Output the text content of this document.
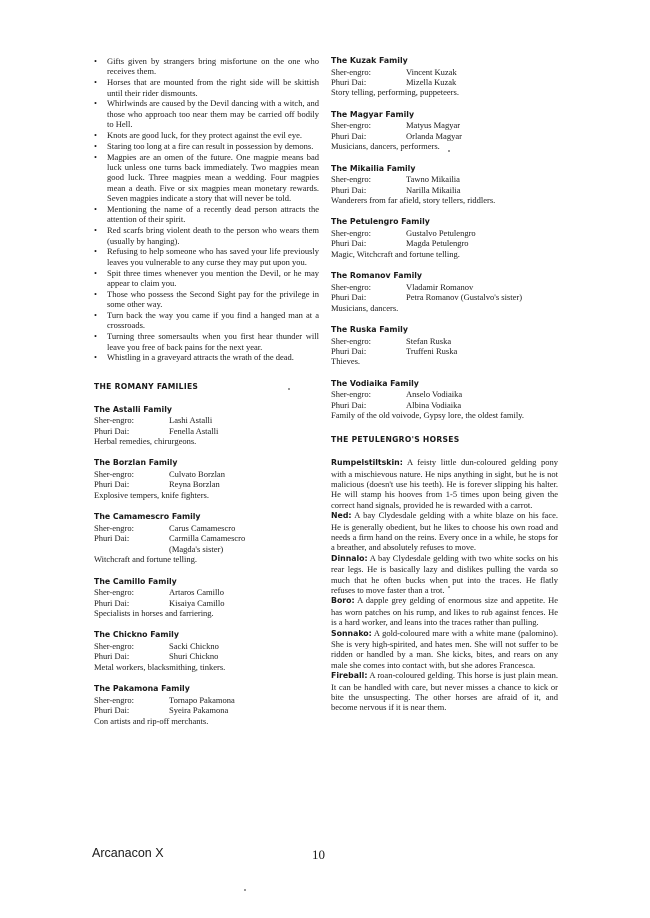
• Gifts given by strangers bring misfortune on the one who receives them.
• Horses that are mounted from the right side will be skittish until their rider dismounts.
• Whirlwinds are caused by the Devil dancing with a witch, and those who approach too near them may be carried off bodily to Hell.
• Knots are good luck, for they protect against the evil eye.
• Staring too long at a fire can result in possession by demons.
• Magpies are an omen of the future. One magpie means bad luck unless one turns back immediately. Two magpies mean good luck. Three magpies mean a wedding. Four magpies mean a death. Five or six magpies mean monetary rewards. Seven magpies indicate a story that will never be told.
• Mentioning the name of a recently dead person attracts the attention of their spirit.
• Red scarfs bring violent death to the person who wears them (usually by hanging).
• Refusing to help someone who has saved your life previously leaves you vulnerable to any curse they may put upon you.
• Spit three times whenever you mention the Devil, or he may appear to claim you.
• Those who possess the Second Sight pay for the privilege in some other way.
• Turn back the way you came if you find a hanged man at a crossroads.
• Turning three somersaults when you first hear thunder will leave you free of back pains for the next year.
• Whistling in a graveyard attracts the wrath of the dead.
THE ROMANY FAMILIES
The Astalli Family
Sher-engro:	Lashi Astalli
Phuri Dai:	Fenella Astalli
Herbal remedies, chirurgeons.
The Borzlan Family
Sher-engro:	Culvato Borzlan
Phuri Dai:	Reyna Borzlan
Explosive tempers, knife fighters.
The Camamescro Family
Sher-engro:	Carus Camamescro
Phuri Dai:	Carmilla Camamescro
(Magda's sister)
Witchcraft and fortune telling.
The Camillo Family
Sher-engro:	Artaros Camillo
Phuri Dai:	Kisaiya Camillo
Specialists in horses and farriering.
The Chickno Family
Sher-engro:	Sacki Chickno
Phuri Dai:	Shuri Chickno
Metal workers, blacksmithing, tinkers.
The Pakamona Family
Sher-engro:	Tornapo Pakamona
Phuri Dai:	Syeira Pakamona
Con artists and rip-off merchants.
The Kuzak Family
Sher-engro:	Vincent Kuzak
Phuri Dai:	Mizella Kuzak
Story telling, performing, puppeteers.
The Magyar Family
Sher-engro:	Matyus Magyar
Phuri Dai:	Orlanda Magyar
Musicians, dancers, performers.
The Mikailia Family
Sher-engro:	Tawno Mikailia
Phuri Dai:	Narilla Mikailia
Wanderers from far afield, story tellers, riddlers.
The Petulengro Family
Sher-engro:	Gustalvo Petulengro
Phuri Dai:	Magda Petulengro
Magic, Witchcraft and fortune telling.
The Romanov Family
Sher-engro:	Vladamir Romanov
Phuri Dai:	Petra Romanov (Gustalvo's sister)
Musicians, dancers.
The Ruska Family
Sher-engro:	Stefan Ruska
Phuri Dai:	Truffeni Ruska
Thieves.
The Vodiaika Family
Sher-engro:	Anselo Vodiaika
Phuri Dai:	Albina Vodiaika
Family of the old voivode, Gypsy lore, the oldest family.
THE PETULENGRO'S HORSES

Rumpelstiltskin: A feisty little dun-coloured gelding pony with a mischievous nature. He nips anything in sight, but he is not malicious (doesn't use his teeth). He is forever slipping his halter. He will stamp his hooves from 1-5 times upon being given the correct hand signals, provided he is rewarded with a carrot.

Ned: A bay Clydesdale gelding with a white blaze on his face. He is generally obedient, but he likes to choose his own road and needs a firm hand on the reins. Every once in a while, he stops for a breather, and absolutely refuses to move.

Dinnalo: A bay Clydesdale gelding with two white socks on his rear legs. He is basically lazy and dislikes pulling the varda so much that he often bucks when put into the traces. He flatly refuses to move faster than a trot.

Boro: A dapple grey gelding of enormous size and appetite. He has worn patches on his rump, and likes to rub against fences. He is a hard worker, and leans into the traces rather than pulling.

Sonnako: A gold-coloured mare with a white mane (palomino). She is very high-spirited, and hates men. She will not suffer to be ridden or handled by a man. She kicks, bites, and rears on any male she comes into contact with, but she adores Francesca.

Fireball: A roan-coloured gelding. This horse is just plain mean. It can be handled with care, but never misses a chance to kick or bite the unsuspecting. The other horses are afraid of it, and become nervous if it is near them.

Arcanacon X	10
